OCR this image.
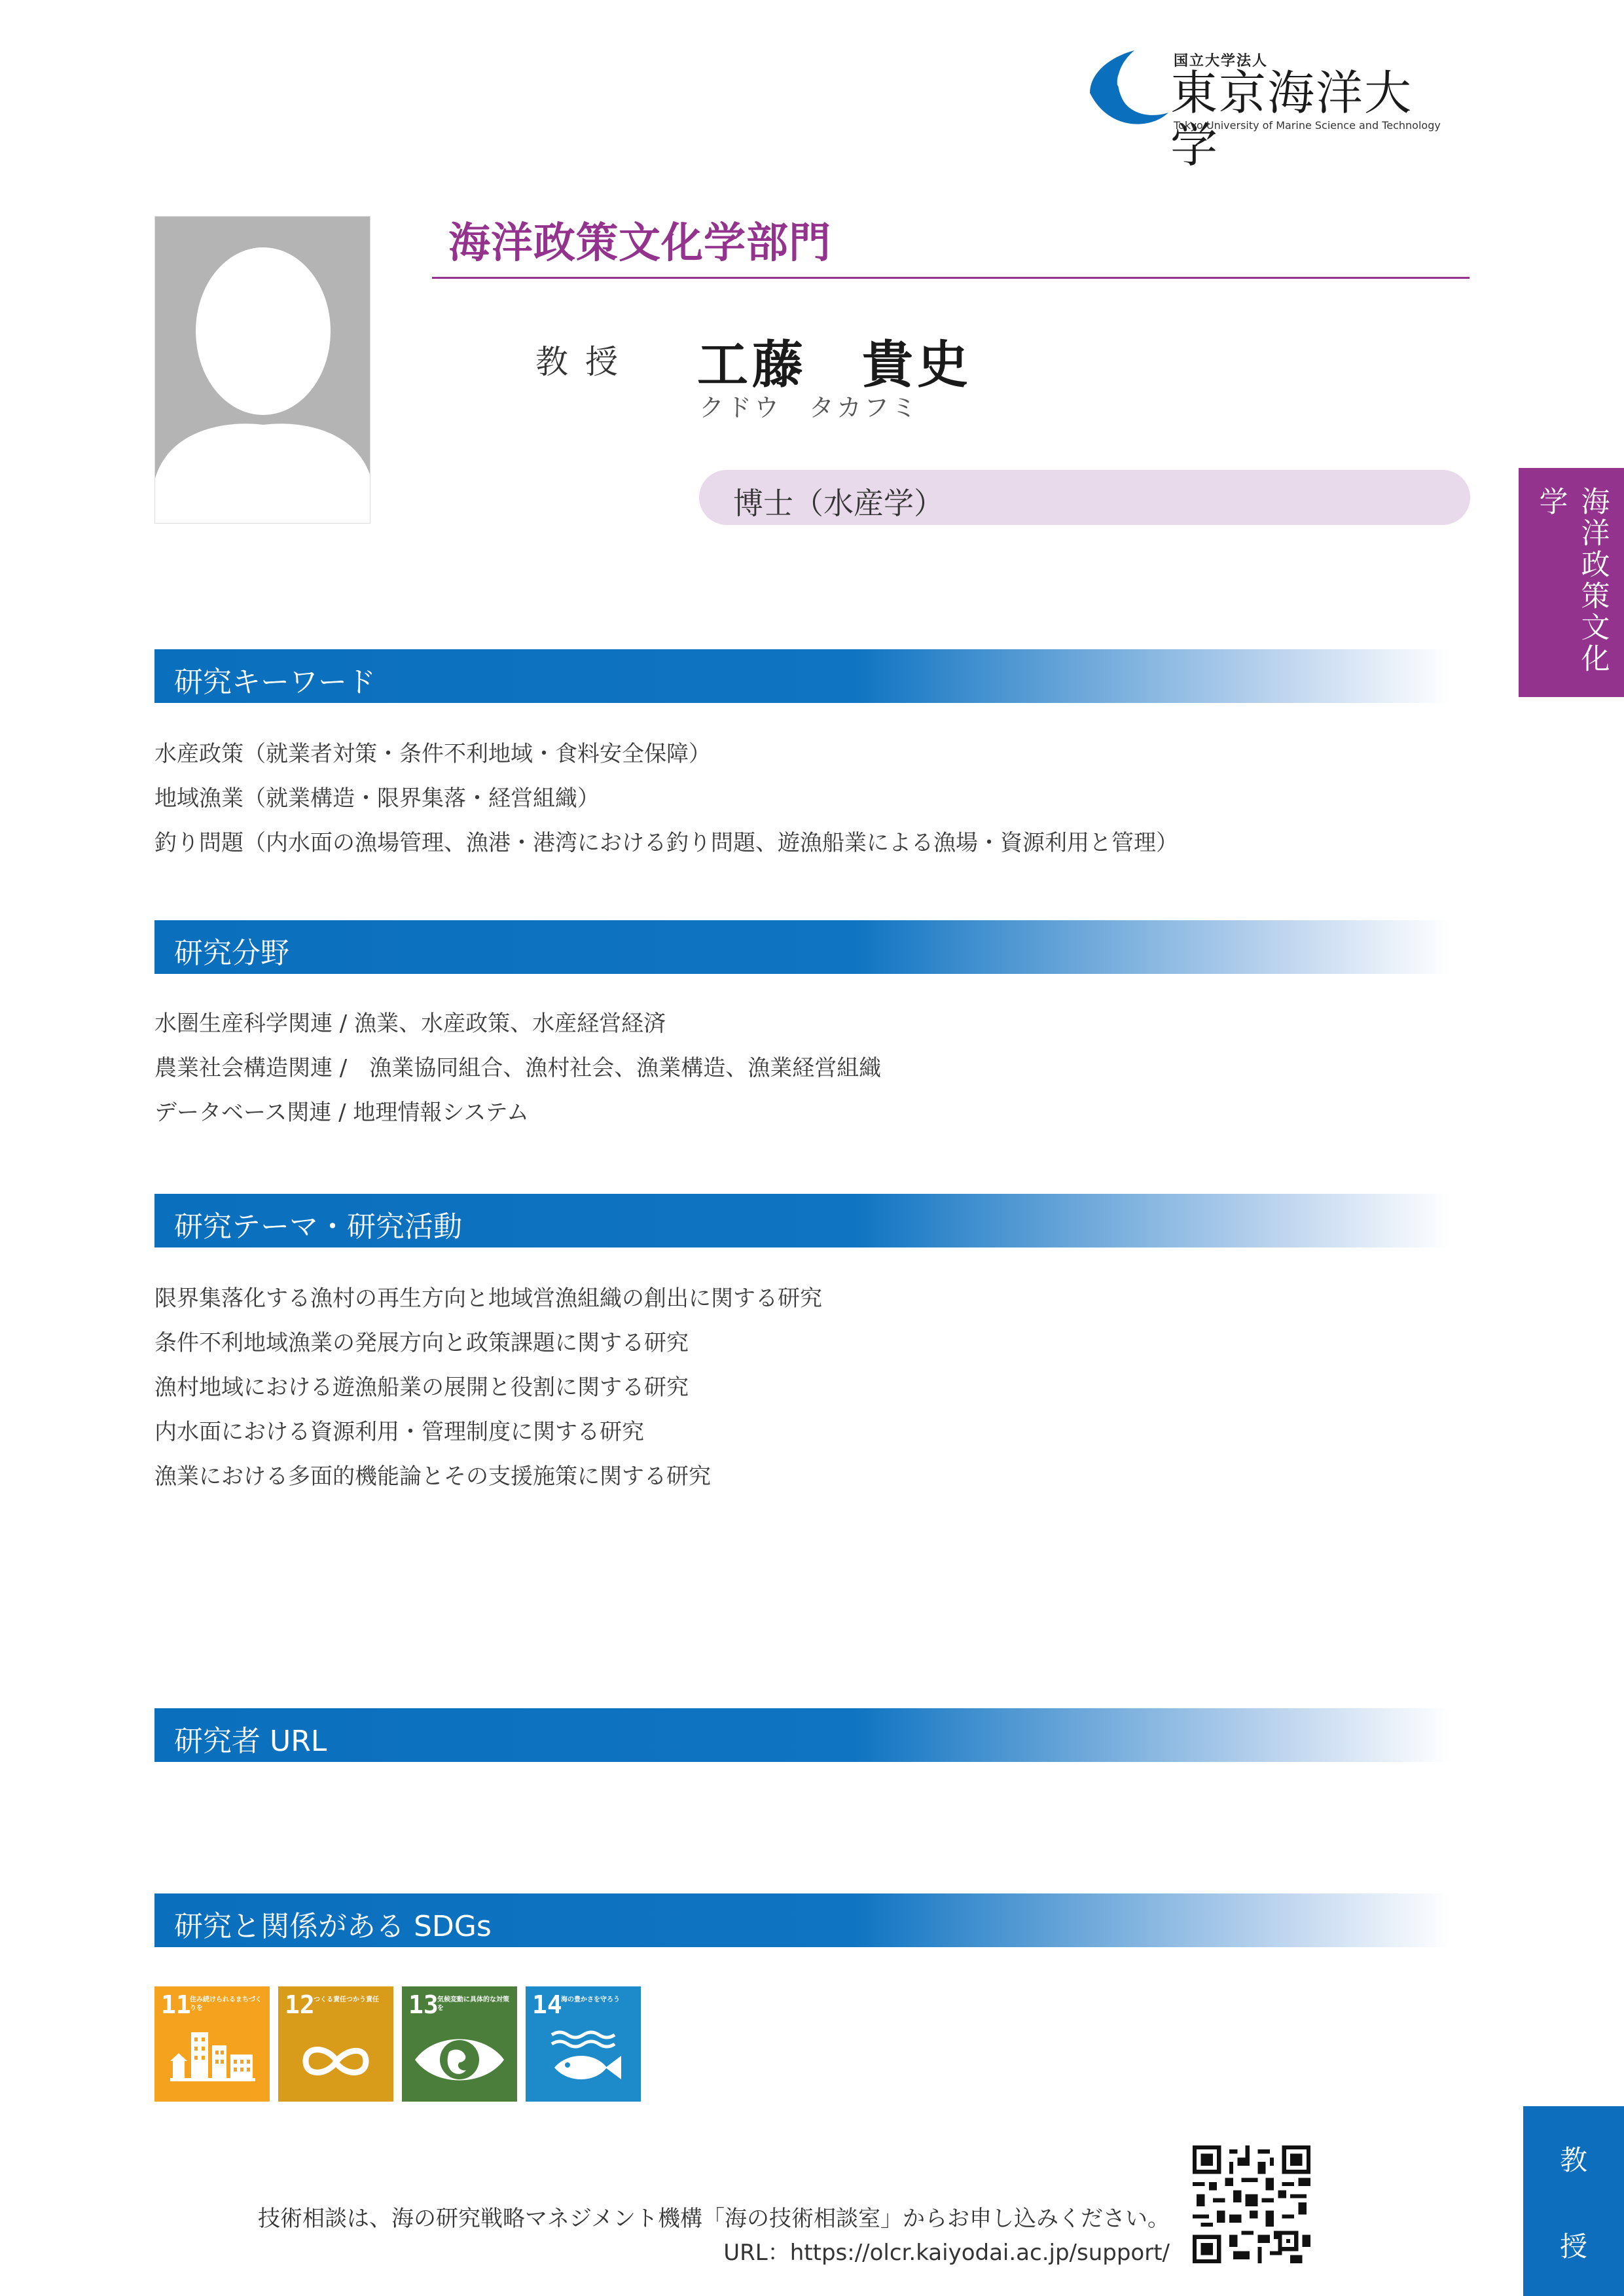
国立大学法人
東京海洋大学
Tokyo University of Marine Science and Technology
海洋政策文化学部門
教授 工藤　貴史
クドウ　タカフミ
博士（水産学）	海洋政策文化学
研究キーワード
水産政策（就業者対策・条件不利地域・食料安全保障）
地域漁業（就業構造・限界集落・経営組織）
釣り問題（内水面の漁場管理、漁港・港湾における釣り問題、遊漁船業による漁場・資源利用と管理）
研究分野
水圏生産科学関連 / 漁業、水産政策、水産経営経済
農業社会構造関連 /　漁業協同組合、漁村社会、漁業構造、漁業経営組織
データベース関連 / 地理情報システム
研究テーマ・研究活動
限界集落化する漁村の再生方向と地域営漁組織の創出に関する研究
条件不利地域漁業の発展方向と政策課題に関する研究
漁村地域における遊漁船業の展開と役割に関する研究
内水面における資源利用・管理制度に関する研究
漁業における多面的機能論とその支援施策に関する研究
研究者 URL
研究と関係がある SDGs
11
住み続けられるまちづくりを	12
つくる責任つかう責任	13
気候変動に具体的な対策を	14
海の豊かさを守ろう
技術相談は、海の研究戦略マネジメント機構「海の技術相談室」からお申し込みください。
URL：https://olcr.kaiyodai.ac.jp/support/
教
授
